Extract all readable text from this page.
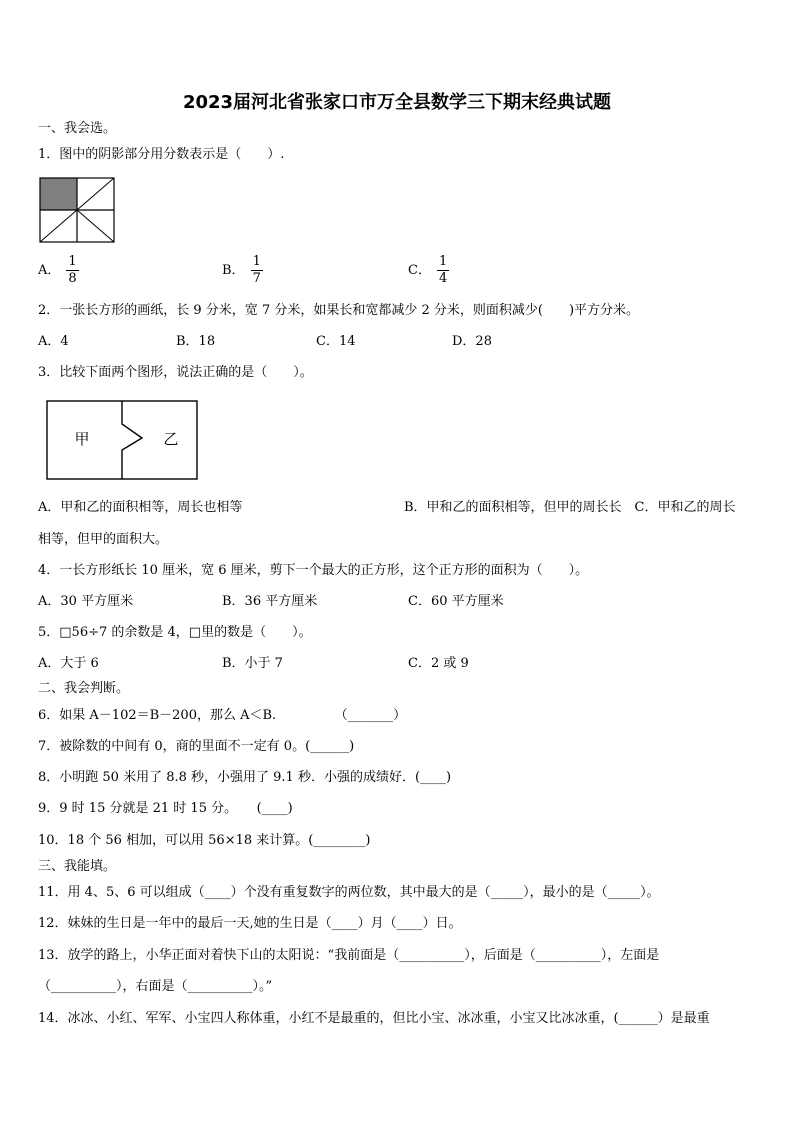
2023届河北省张家口市万全县数学三下期末经典试题
一、我会选。
1．图中的阴影部分用分数表示是（　　）.
A． $\frac{1}{8}$	B． $\frac{1}{7}$	C． $\frac{1}{4}$
2．一张长方形的画纸，长 9 分米，宽 7 分米，如果长和宽都减少 2 分米，则面积减少(　　)平方分米。
A．4	B．18	C．14	D．28
3．比较下面两个图形，说法正确的是（　　）。
甲	乙
A．甲和乙的面积相等，周长也相等	B．甲和乙的面积相等，但甲的周长长　C．甲和乙的周长
相等，但甲的面积大。
4．一长方形纸长 10 厘米，宽 6 厘米，剪下一个最大的正方形，这个正方形的面积为（　　）。
A．30 平方厘米	B．36 平方厘米	C．60 平方厘米
5．□56÷7 的余数是 4，□里的数是（　　）。
A．大于 6	B．小于 7	C．2 或 9
二、我会判断。
6．如果 A－102＝B－200，那么 A＜B.　　　　　（_______）
7．被除数的中间有 0，商的里面不一定有 0。(______)
8．小明跑 50 米用了 8.8 秒，小强用了 9.1 秒．小强的成绩好．(____)
9．9 时 15 分就是 21 时 15 分。　　(____)
10．18 个 56 相加，可以用 56×18 来计算。(________)
三、我能填。
11．用 4、5、6 可以组成（____）个没有重复数字的两位数，其中最大的是（_____），最小的是（_____）。
12．妹妹的生日是一年中的最后一天,她的生日是（____）月（____）日。
13．放学的路上，小华正面对着快下山的太阳说：“我前面是（__________），后面是（__________），左面是
（__________），右面是（__________）。”
14．冰冰、小红、军军、小宝四人称体重，小红不是最重的，但比小宝、冰冰重，小宝又比冰冰重，(______）是最重
